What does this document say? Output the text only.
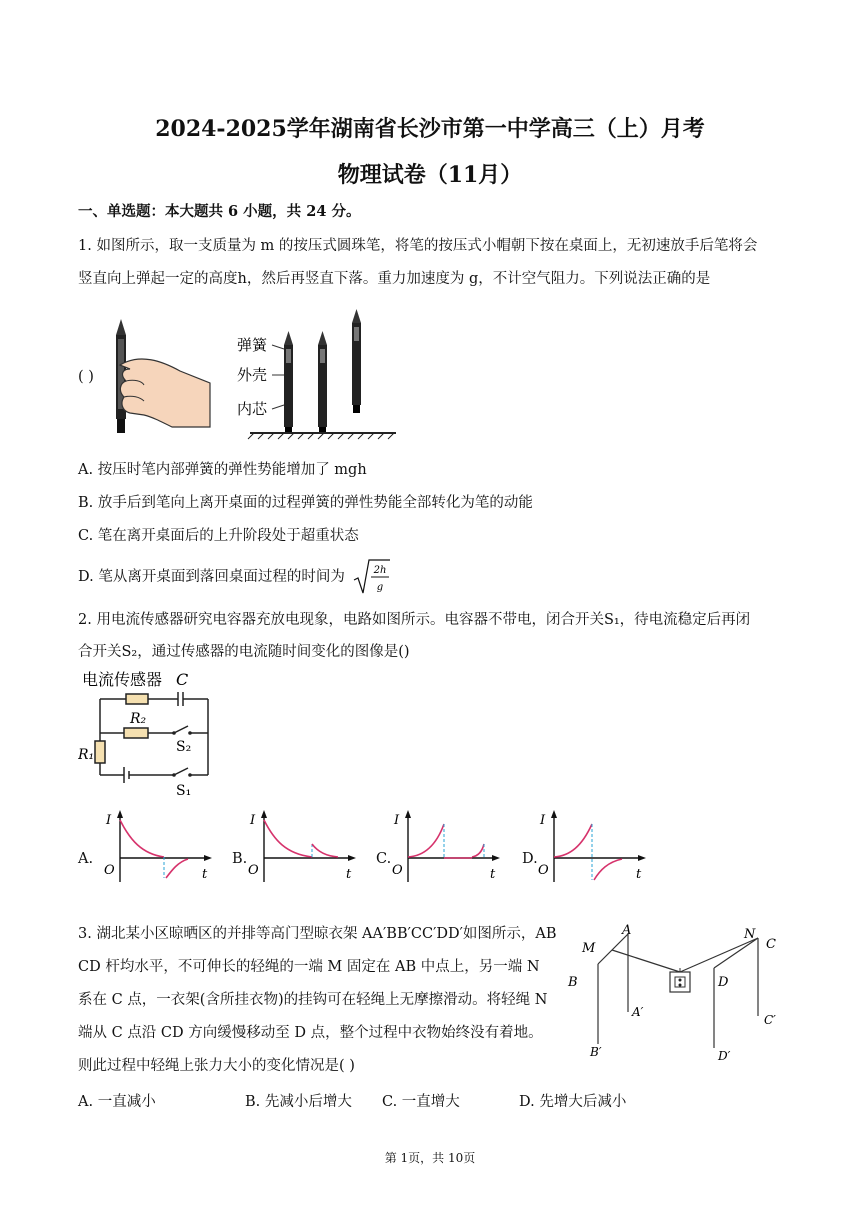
2024-2025学年湖南省长沙市第一中学高三（上）月考
物理试卷（11月）
一、单选题：本大题共 6 小题，共 24 分。
1. 如图所示，取一支质量为 m 的按压式圆珠笔，将笔的按压式小帽朝下按在桌面上，无初速放手后笔将会
竖直向上弹起一定的高度h，然后再竖直下落。重力加速度为 g，不计空气阻力。下列说法正确的是
( )
弹簧
外壳
内芯
A. 按压时笔内部弹簧的弹性势能增加了 mgh
B. 放手后到笔向上离开桌面的过程弹簧的弹性势能全部转化为笔的动能
C. 笔在离开桌面后的上升阶段处于超重状态
D. 笔从离开桌面到落回桌面过程的时间为	2h
g
2. 用电流传感器研究电容器充放电现象，电路如图所示。电容器不带电，闭合开关S₁，待电流稳定后再闭
合开关S₂，通过传感器的电流随时间变化的图像是()
电流传感器 C
R₂
S₂
R₁
S₁
A.	B.	C.	D.
I
O	t
I
O	t
I
O	t
I
O	t
3. 湖北某小区晾晒区的并排等高门型晾衣架 AA′BB′CC′DD′如图所示，AB
CD 杆均水平，不可伸长的轻绳的一端 M 固定在 AB 中点上，另一端 N
系在 C 点，一衣架(含所挂衣物)的挂钩可在轻绳上无摩擦滑动。将轻绳 N
端从 C 点沿 CD 方向缓慢移动至 D 点，整个过程中衣物始终没有着地。
则此过程中轻绳上张力大小的变化情况是( )
A
M
B
A′
B′
N
C
D
C′
D′
A. 一直减小	B. 先减小后增大 C. 一直增大	D. 先增大后减小
第 1页，共 10页
